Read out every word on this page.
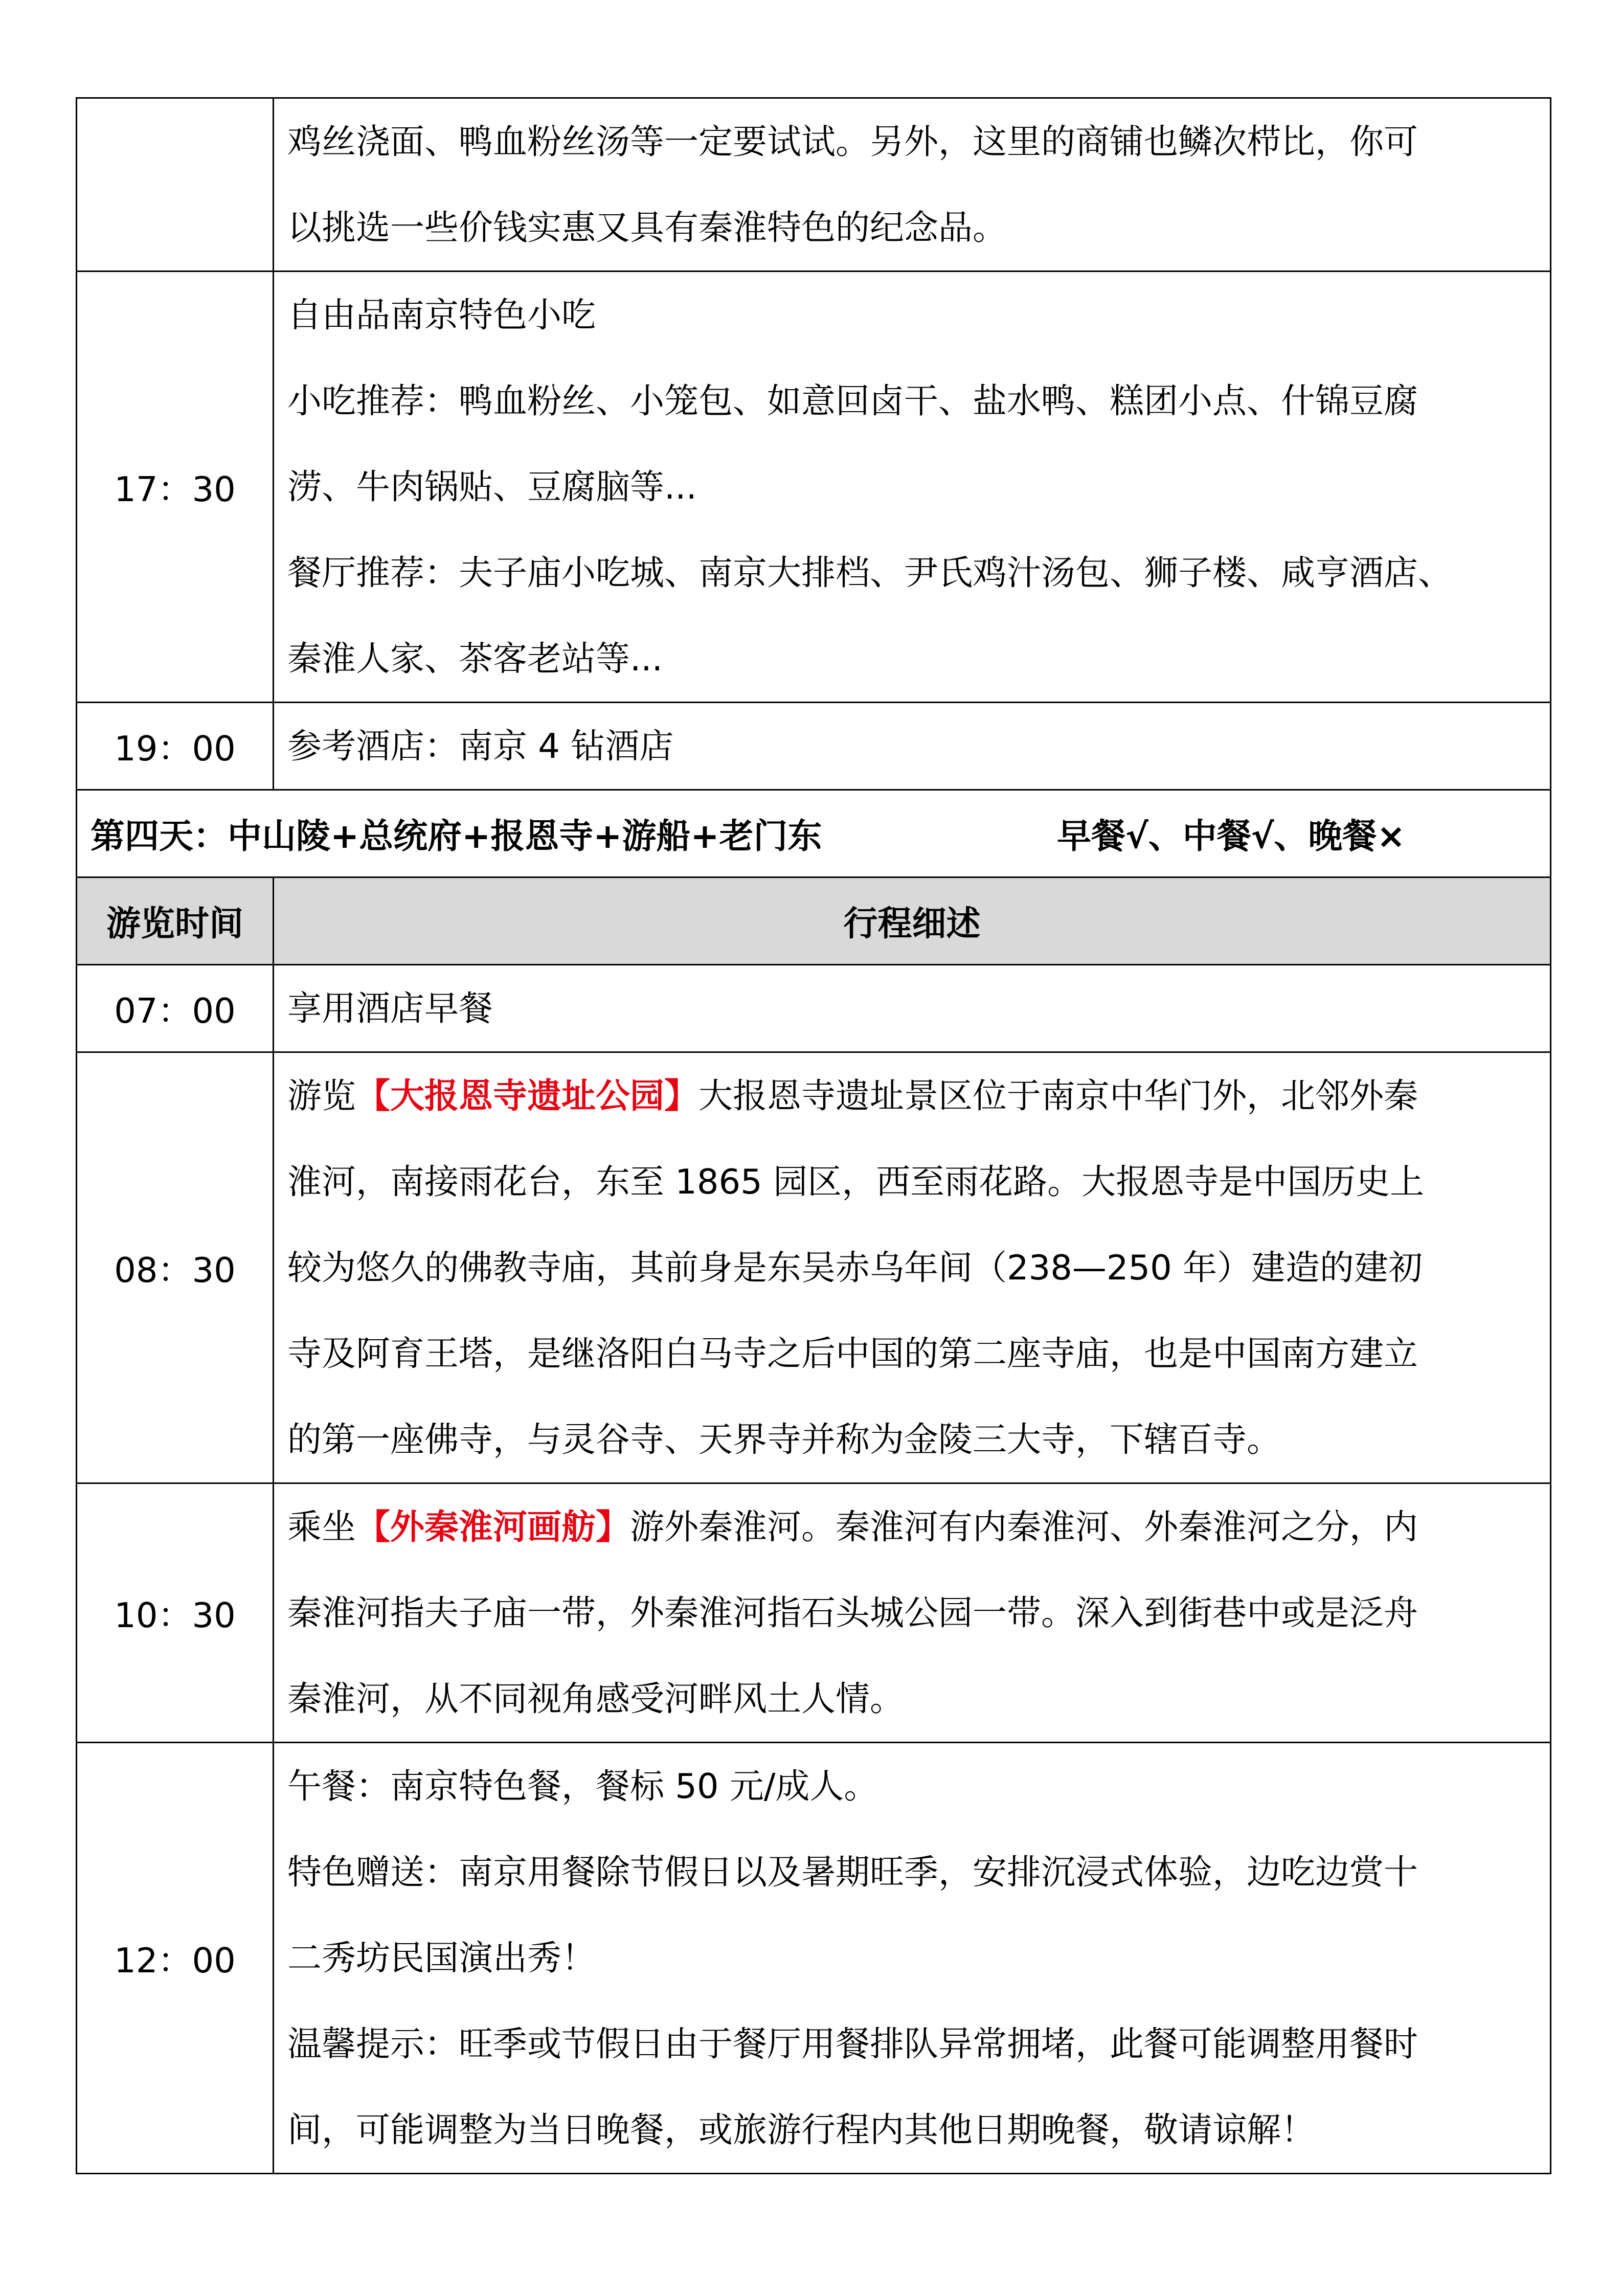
	鸡丝浇面、鸭血粉丝汤等一定要试试。另外，这里的商铺也鳞次栉比，你可
以挑选一些价钱实惠又具有秦淮特色的纪念品。

17：30	自由品南京特色小吃
小吃推荐：鸭血粉丝、小笼包、如意回卤干、盐水鸭、糕团小点、什锦豆腐
涝、牛肉锅贴、豆腐脑等...
餐厅推荐：夫子庙小吃城、南京大排档、尹氏鸡汁汤包、狮子楼、咸亨酒店、
秦淮人家、茶客老站等...

19：00	参考酒店：南京 4 钻酒店

第四天：中山陵+总统府+报恩寺+游船+老门东 早餐√、中餐√、晚餐×	
游览时间	行程细述
07：00	享用酒店早餐

08：30	游览【大报恩寺遗址公园】大报恩寺遗址景区位于南京中华门外，北邻外秦
淮河，南接雨花台，东至 1865 园区，西至雨花路。大报恩寺是中国历史上
较为悠久的佛教寺庙，其前身是东吴赤乌年间（238—250 年）建造的建初
寺及阿育王塔，是继洛阳白马寺之后中国的第二座寺庙，也是中国南方建立
的第一座佛寺，与灵谷寺、天界寺并称为金陵三大寺，下辖百寺。

10：30	乘坐【外秦淮河画舫】游外秦淮河。秦淮河有内秦淮河、外秦淮河之分，内
秦淮河指夫子庙一带，外秦淮河指石头城公园一带。深入到街巷中或是泛舟
秦淮河，从不同视角感受河畔风土人情。

12：00	午餐：南京特色餐，餐标 50 元/成人。
特色赠送：南京用餐除节假日以及暑期旺季，安排沉浸式体验，边吃边赏十
二秀坊民国演出秀！
温馨提示：旺季或节假日由于餐厅用餐排队异常拥堵，此餐可能调整用餐时
间，可能调整为当日晚餐，或旅游行程内其他日期晚餐，敬请谅解！
